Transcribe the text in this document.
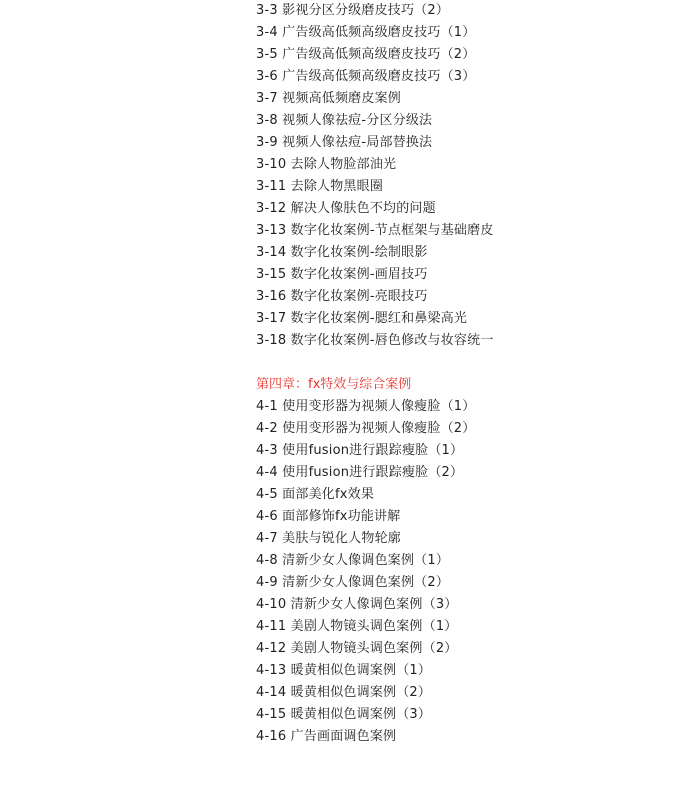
3-3 影视分区分级磨皮技巧（2）
3-4 广告级高低频高级磨皮技巧（1）
3-5 广告级高低频高级磨皮技巧（2）
3-6 广告级高低频高级磨皮技巧（3）
3-7 视频高低频磨皮案例
3-8 视频人像祛痘-分区分级法
3-9 视频人像祛痘-局部替换法
3-10 去除人物脸部油光
3-11 去除人物黑眼圈
3-12 解决人像肤色不均的问题
3-13 数字化妆案例-节点框架与基础磨皮
3-14 数字化妆案例-绘制眼影
3-15 数字化妆案例-画眉技巧
3-16 数字化妆案例-亮眼技巧
3-17 数字化妆案例-腮红和鼻梁高光
3-18 数字化妆案例-唇色修改与妆容统一
第四章：fx特效与综合案例
4-1 使用变形器为视频人像瘦脸（1）
4-2 使用变形器为视频人像瘦脸（2）
4-3 使用fusion进行跟踪瘦脸（1）
4-4 使用fusion进行跟踪瘦脸（2）
4-5 面部美化fx效果
4-6 面部修饰fx功能讲解
4-7 美肤与锐化人物轮廓
4-8 清新少女人像调色案例（1）
4-9 清新少女人像调色案例（2）
4-10 清新少女人像调色案例（3）
4-11 美剧人物镜头调色案例（1）
4-12 美剧人物镜头调色案例（2）
4-13 暖黄相似色调案例（1）
4-14 暖黄相似色调案例（2）
4-15 暖黄相似色调案例（3）
4-16 广告画面调色案例
